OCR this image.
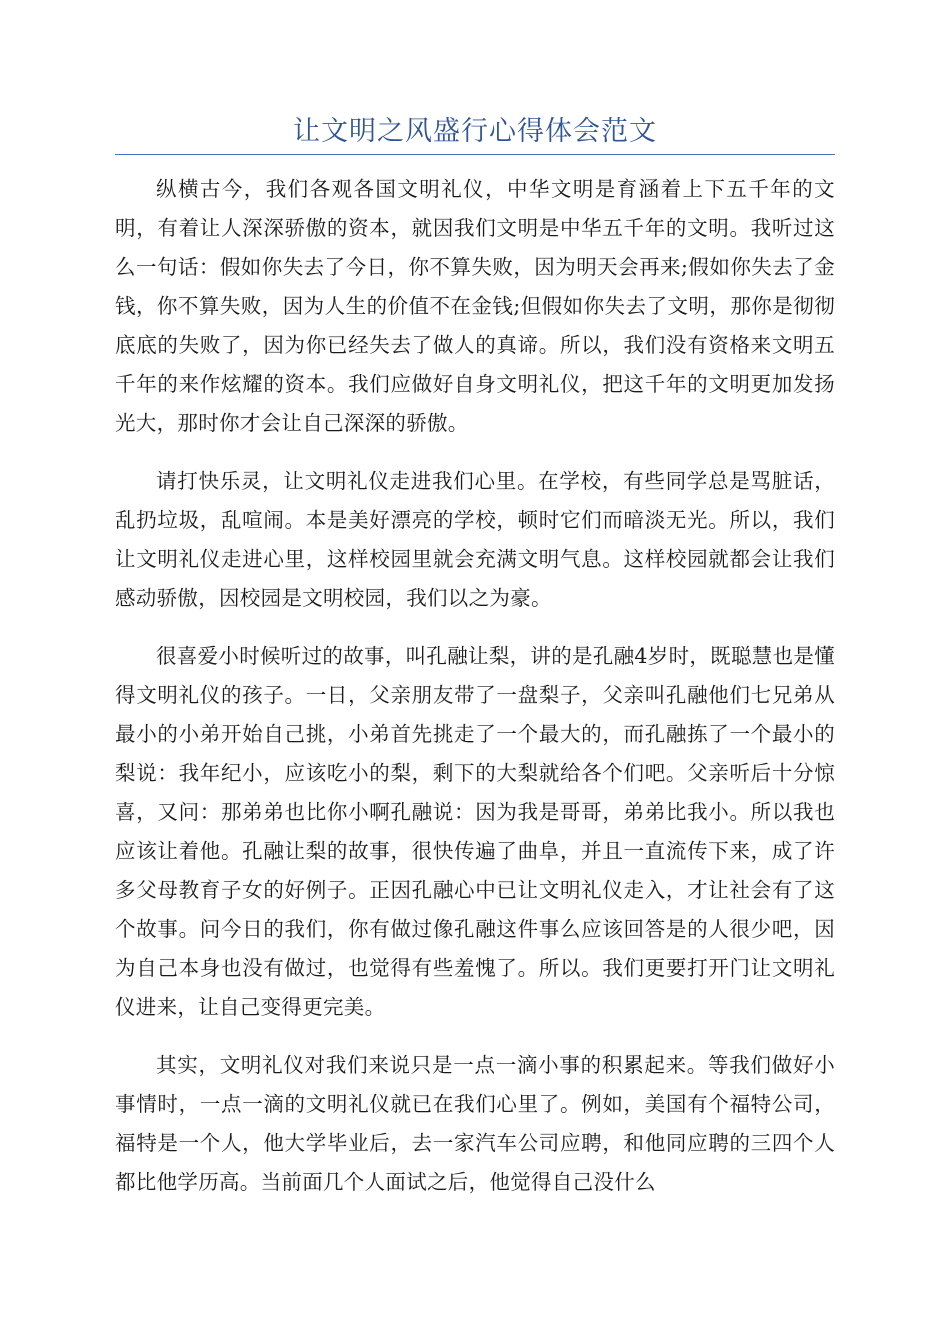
让文明之风盛行心得体会范文

纵横古今，我们各观各国文明礼仪，中华文明是育涵着上下五千年的文明，有着让人深深骄傲的资本，就因我们文明是中华五千年的文明。我听过这么一句话：假如你失去了今日，你不算失败，因为明天会再来;假如你失去了金钱，你不算失败，因为人生的价值不在金钱;但假如你失去了文明，那你是彻彻底底的失败了，因为你已经失去了做人的真谛。所以，我们没有资格来文明五千年的来作炫耀的资本。我们应做好自身文明礼仪，把这千年的文明更加发扬光大，那时你才会让自己深深的骄傲。

请打快乐灵，让文明礼仪走进我们心里。在学校，有些同学总是骂脏话，乱扔垃圾，乱喧闹。本是美好漂亮的学校，顿时它们而暗淡无光。所以，我们让文明礼仪走进心里，这样校园里就会充满文明气息。这样校园就都会让我们感动骄傲，因校园是文明校园，我们以之为豪。

很喜爱小时候听过的故事，叫孔融让梨，讲的是孔融4岁时，既聪慧也是懂得文明礼仪的孩子。一日，父亲朋友带了一盘梨子，父亲叫孔融他们七兄弟从最小的小弟开始自己挑，小弟首先挑走了一个最大的，而孔融拣了一个最小的梨说：我年纪小，应该吃小的梨，剩下的大梨就给各个们吧。父亲听后十分惊喜，又问：那弟弟也比你小啊孔融说：因为我是哥哥，弟弟比我小。所以我也应该让着他。孔融让梨的故事，很快传遍了曲阜，并且一直流传下来，成了许多父母教育子女的好例子。正因孔融心中已让文明礼仪走入，才让社会有了这个故事。问今日的我们，你有做过像孔融这件事么应该回答是的人很少吧，因为自己本身也没有做过，也觉得有些羞愧了。所以。我们更要打开门让文明礼仪进来，让自己变得更完美。

其实，文明礼仪对我们来说只是一点一滴小事的积累起来。等我们做好小事情时，一点一滴的文明礼仪就已在我们心里了。例如，美国有个福特公司，福特是一个人，他大学毕业后，去一家汽车公司应聘，和他同应聘的三四个人都比他学历高。当前面几个人面试之后，他觉得自己没什么
